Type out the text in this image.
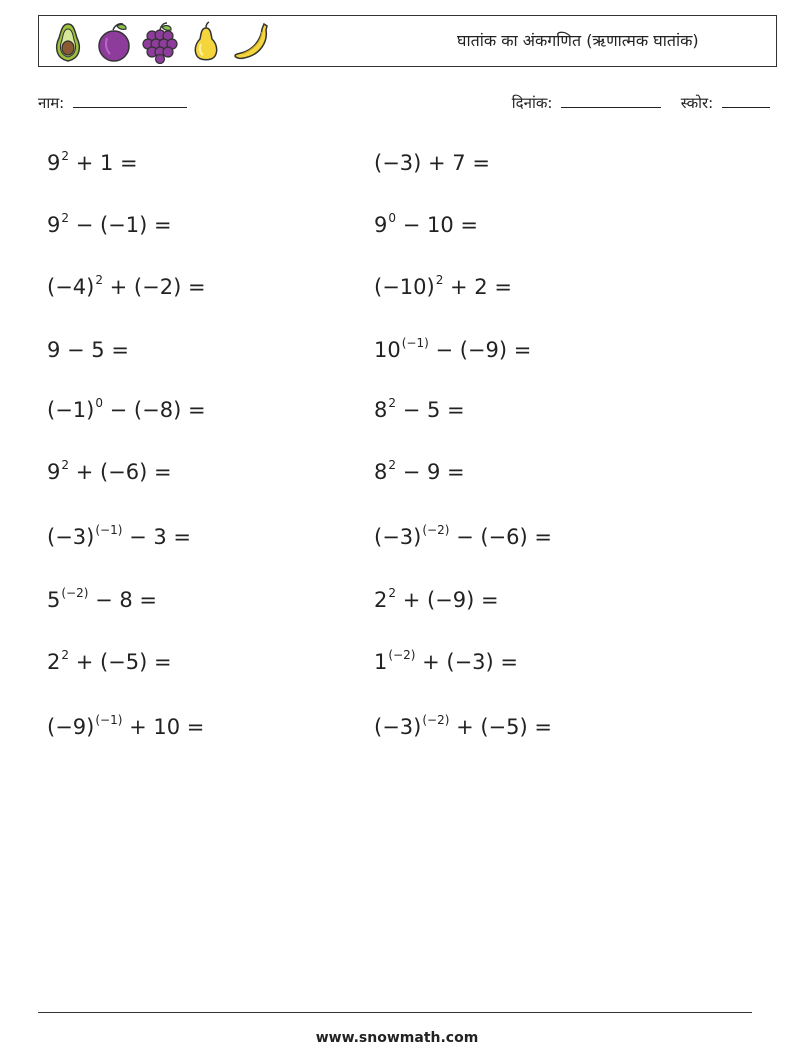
घातांक का अंकगणित (ऋणात्मक घातांक)
नाम:	दिनांक:	स्कोर:
$9^2 + 1$ =	(−3) + 7 =
$9^2 - (-1)$ =	$9^0 - 10$ =
$(-4)^2 + (-2)$ =	$(-10)^2 + 2$ =
9 − 5 =	$10^{(-1)} - (-9)$ =
$(-1)^0 - (-8)$ =	$8^2 - 5$ =
$9^2 + (-6)$ =	$8^2 - 9$ =
$(-3)^{(-1)} - 3$ =	$(-3)^{(-2)} - (-6)$ =
$5^{(-2)} - 8$ =	$2^2 + (-9)$ =
$2^2 + (-5)$ =	$1^{(-2)} + (-3)$ =
$(-9)^{(-1)} + 10$ =	$(-3)^{(-2)} + (-5)$ =
www.snowmath.com
